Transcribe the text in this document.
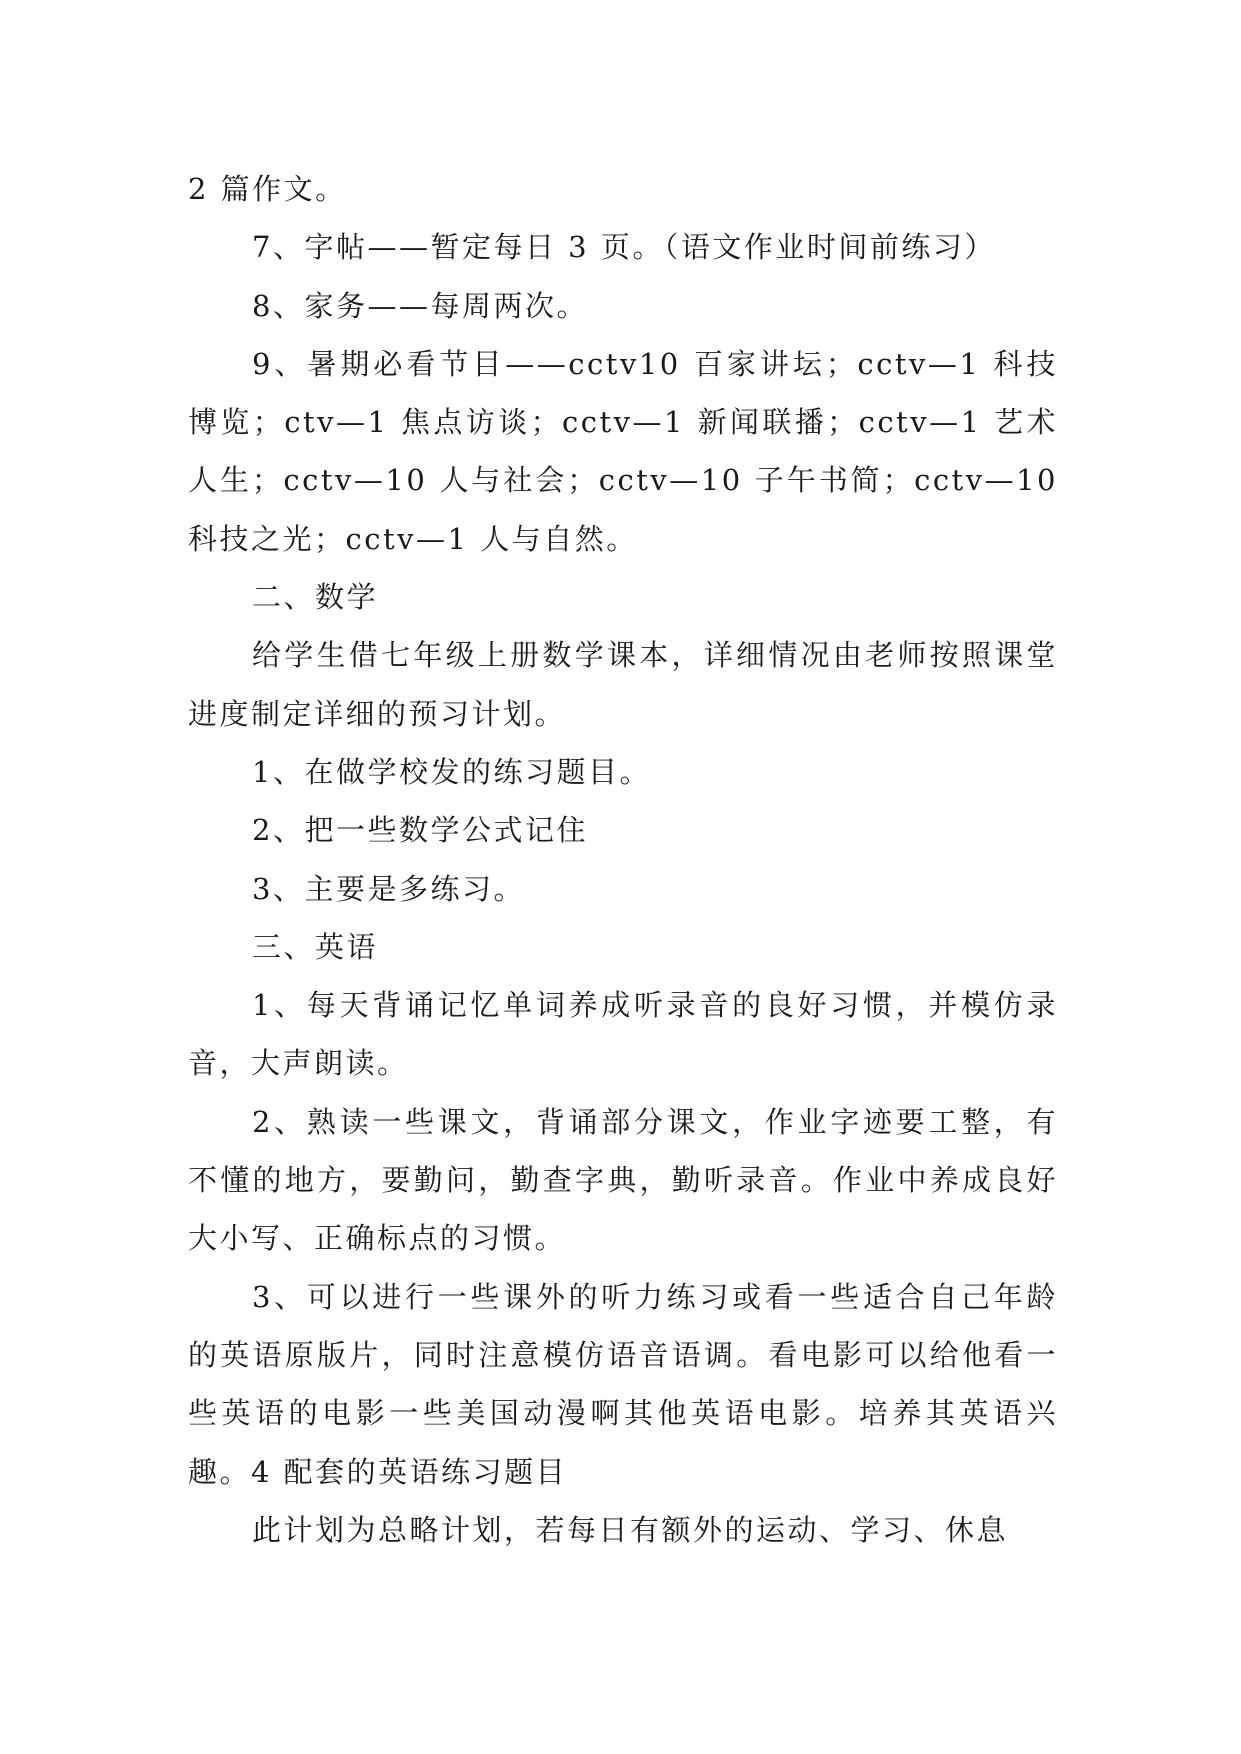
2 篇作文。

7、字帖——暂定每日 3 页。（语文作业时间前练习）

8、家务——每周两次。

9、暑期必看节目——cctv10 百家讲坛；cctv—1 科技博览；ctv—1 焦点访谈；cctv—1 新闻联播；cctv—1 艺术人生；cctv—10 人与社会；cctv—10 子午书简；cctv—10 科技之光；cctv—1 人与自然。

二、数学

给学生借七年级上册数学课本，详细情况由老师按照课堂进度制定详细的预习计划。

1、在做学校发的练习题目。

2、把一些数学公式记住

3、主要是多练习。

三、英语

1、每天背诵记忆单词养成听录音的良好习惯，并模仿录音，大声朗读。

2、熟读一些课文，背诵部分课文，作业字迹要工整，有不懂的地方，要勤问，勤查字典，勤听录音。作业中养成良好大小写、正确标点的习惯。

3、可以进行一些课外的听力练习或看一些适合自己年龄的英语原版片，同时注意模仿语音语调。看电影可以给他看一些英语的电影一些美国动漫啊其他英语电影。培养其英语兴趣。4 配套的英语练习题目

此计划为总略计划，若每日有额外的运动、学习、休息
